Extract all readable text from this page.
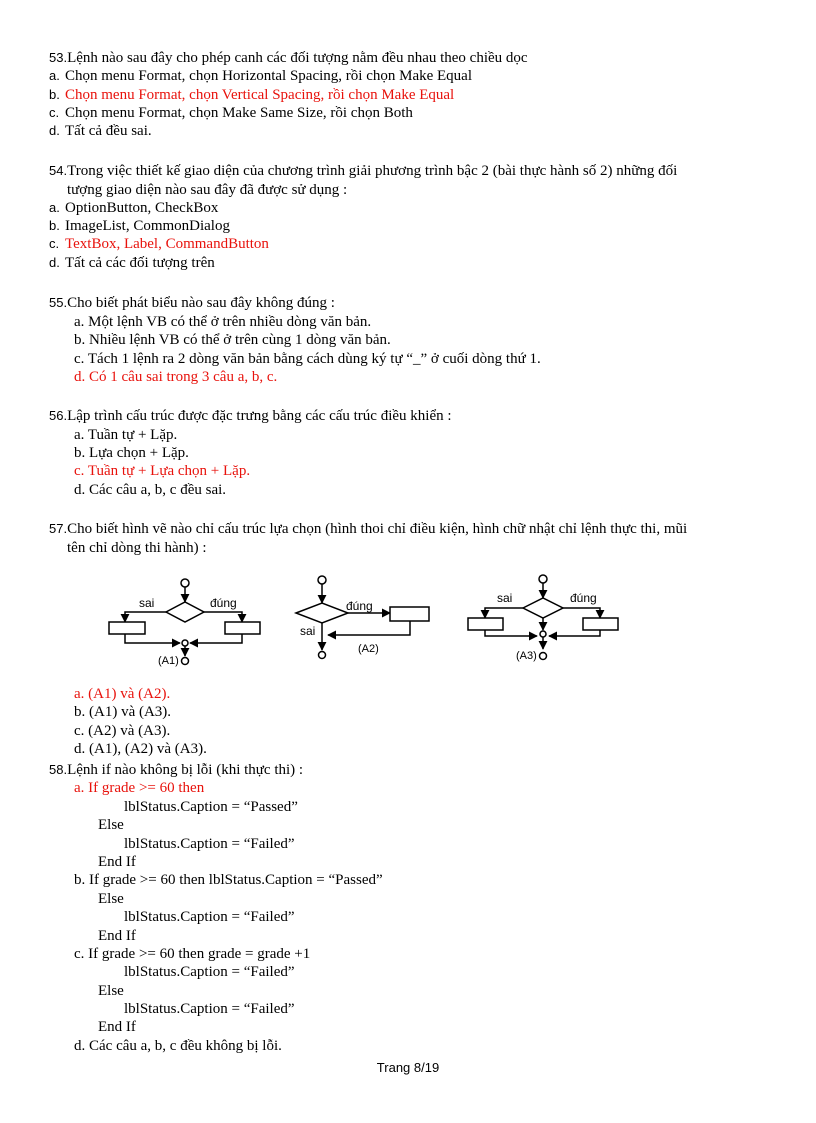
53.Lệnh nào sau đây cho phép canh các đối tượng nằm đều nhau theo chiều dọc
a. Chọn menu Format, chọn Horizontal Spacing, rồi chọn Make Equal
b. Chọn menu Format, chọn Vertical Spacing, rồi chọn Make Equal
c. Chọn menu Format, chọn Make Same Size, rồi chọn Both
d. Tất cả đều sai.
54.Trong việc thiết kế giao diện của chương trình giải phương trình bậc 2 (bài thực hành số 2) những đối
tượng giao diện nào sau đây đã được sử dụng :
a. OptionButton, CheckBox
b. ImageList, CommonDialog
c. TextBox, Label, CommandButton
d. Tất cả các đối tượng trên
55.Cho biết phát biểu nào sau đây không đúng :
a. Một lệnh VB có thể ở trên nhiều dòng văn bản.
b. Nhiều lệnh VB có thể ở trên cùng 1 dòng văn bản.
c. Tách 1 lệnh ra 2 dòng văn bản bằng cách dùng ký tự “_” ở cuối dòng thứ 1.
d. Có 1 câu sai trong 3 câu a, b, c.
56.Lập trình cấu trúc được đặc trưng bằng các cấu trúc điều khiển :
a. Tuần tự + Lặp.
b. Lựa chọn + Lặp.
c. Tuần tự + Lựa chọn + Lặp.
d. Các câu a, b, c đều sai.
57.Cho biết hình vẽ nào chỉ cấu trúc lựa chọn (hình thoi chỉ điều kiện, hình chữ nhật chỉ lệnh thực thi, mũi
tên chỉ dòng thi hành) :
sai	đúng
(A1)
đúng
sai
(A2)
sai	đúng
(A3)
a. (A1) và (A2).
b. (A1) và (A3).
c. (A2) và (A3).
d. (A1), (A2) và (A3).
58.Lệnh if nào không bị lỗi (khi thực thi) :
a. If grade >= 60 then
lblStatus.Caption = “Passed”
Else
lblStatus.Caption = “Failed”
End If
b. If grade >= 60 then lblStatus.Caption = “Passed”
Else
lblStatus.Caption = “Failed”
End If
c. If grade >= 60 then grade = grade +1
lblStatus.Caption = “Failed”
Else
lblStatus.Caption = “Failed”
End If
d. Các câu a, b, c đều không bị lỗi.
Trang 8/19
